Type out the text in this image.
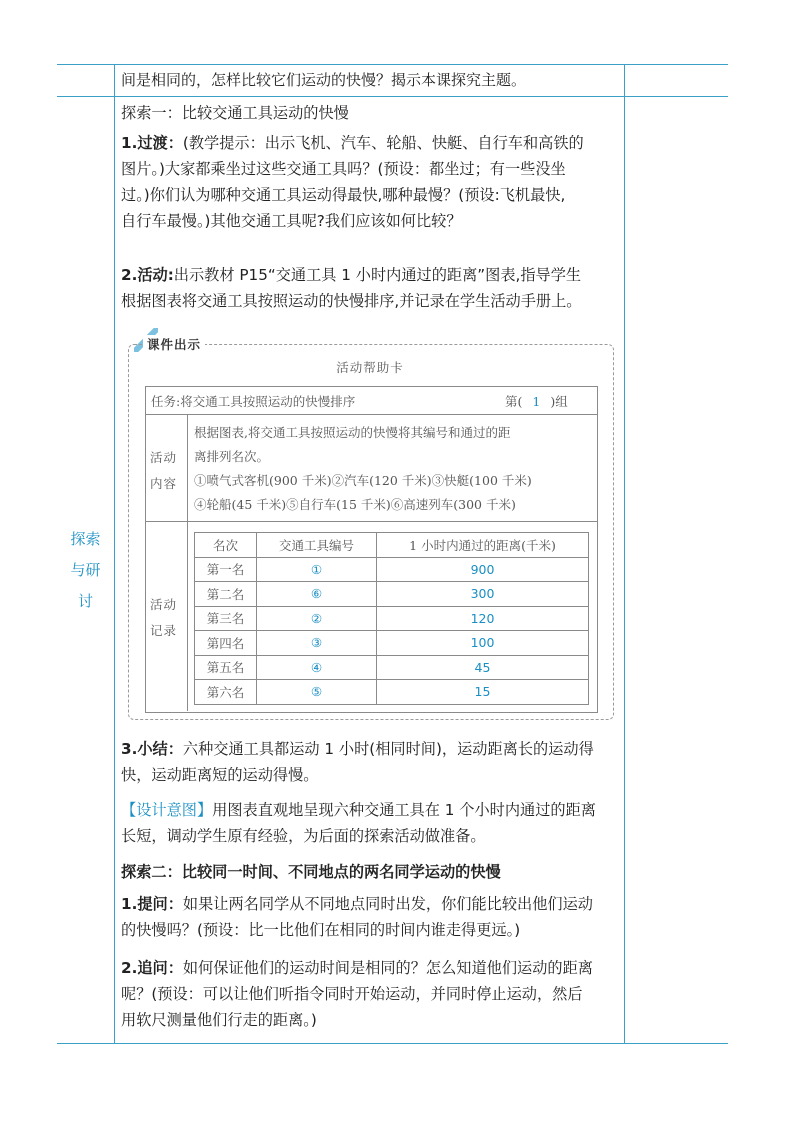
间是相同的，怎样比较它们运动的快慢？揭示本课探究主题。
探索
与研
讨
探索一：比较交通工具运动的快慢
1.过渡：(教学提示：出示飞机、汽车、轮船、快艇、自行车和高铁的
图片。)大家都乘坐过这些交通工具吗？(预设：都坐过；有一些没坐
过。)你们认为哪种交通工具运动得最快,哪种最慢？(预设:飞机最快,
自行车最慢。)其他交通工具呢?我们应该如何比较？
2.活动:出示教材 P15“交通工具 1 小时内通过的距离”图表,指导学生
根据图表将交通工具按照运动的快慢排序,并记录在学生活动手册上。
课件出示
活动帮助卡
任务:将交通工具按照运动的快慢排序	第( 1 )组
活动
内容
根据图表,将交通工具按照运动的快慢将其编号和通过的距
离排列名次。
①喷气式客机(900 千米)②汽车(120 千米)③快艇(100 千米)
④轮船(45 千米)⑤自行车(15 千米)⑥高速列车(300 千米)
活动
记录
名次	交通工具编号	1 小时内通过的距离(千米)
第一名	①	900
第二名	⑥	300
第三名	②	120
第四名	③	100
第五名	④	45
第六名	⑤	15
3.小结：六种交通工具都运动 1 小时(相同时间)，运动距离长的运动得
快，运动距离短的运动得慢。
【设计意图】用图表直观地呈现六种交通工具在 1 个小时内通过的距离
长短，调动学生原有经验，为后面的探索活动做准备。
探索二：比较同一时间、不同地点的两名同学运动的快慢
1.提问：如果让两名同学从不同地点同时出发，你们能比较出他们运动
的快慢吗？(预设：比一比他们在相同的时间内谁走得更远。)
2.追问：如何保证他们的运动时间是相同的？怎么知道他们运动的距离
呢？(预设：可以让他们听指令同时开始运动，并同时停止运动，然后
用软尺测量他们行走的距离。)
